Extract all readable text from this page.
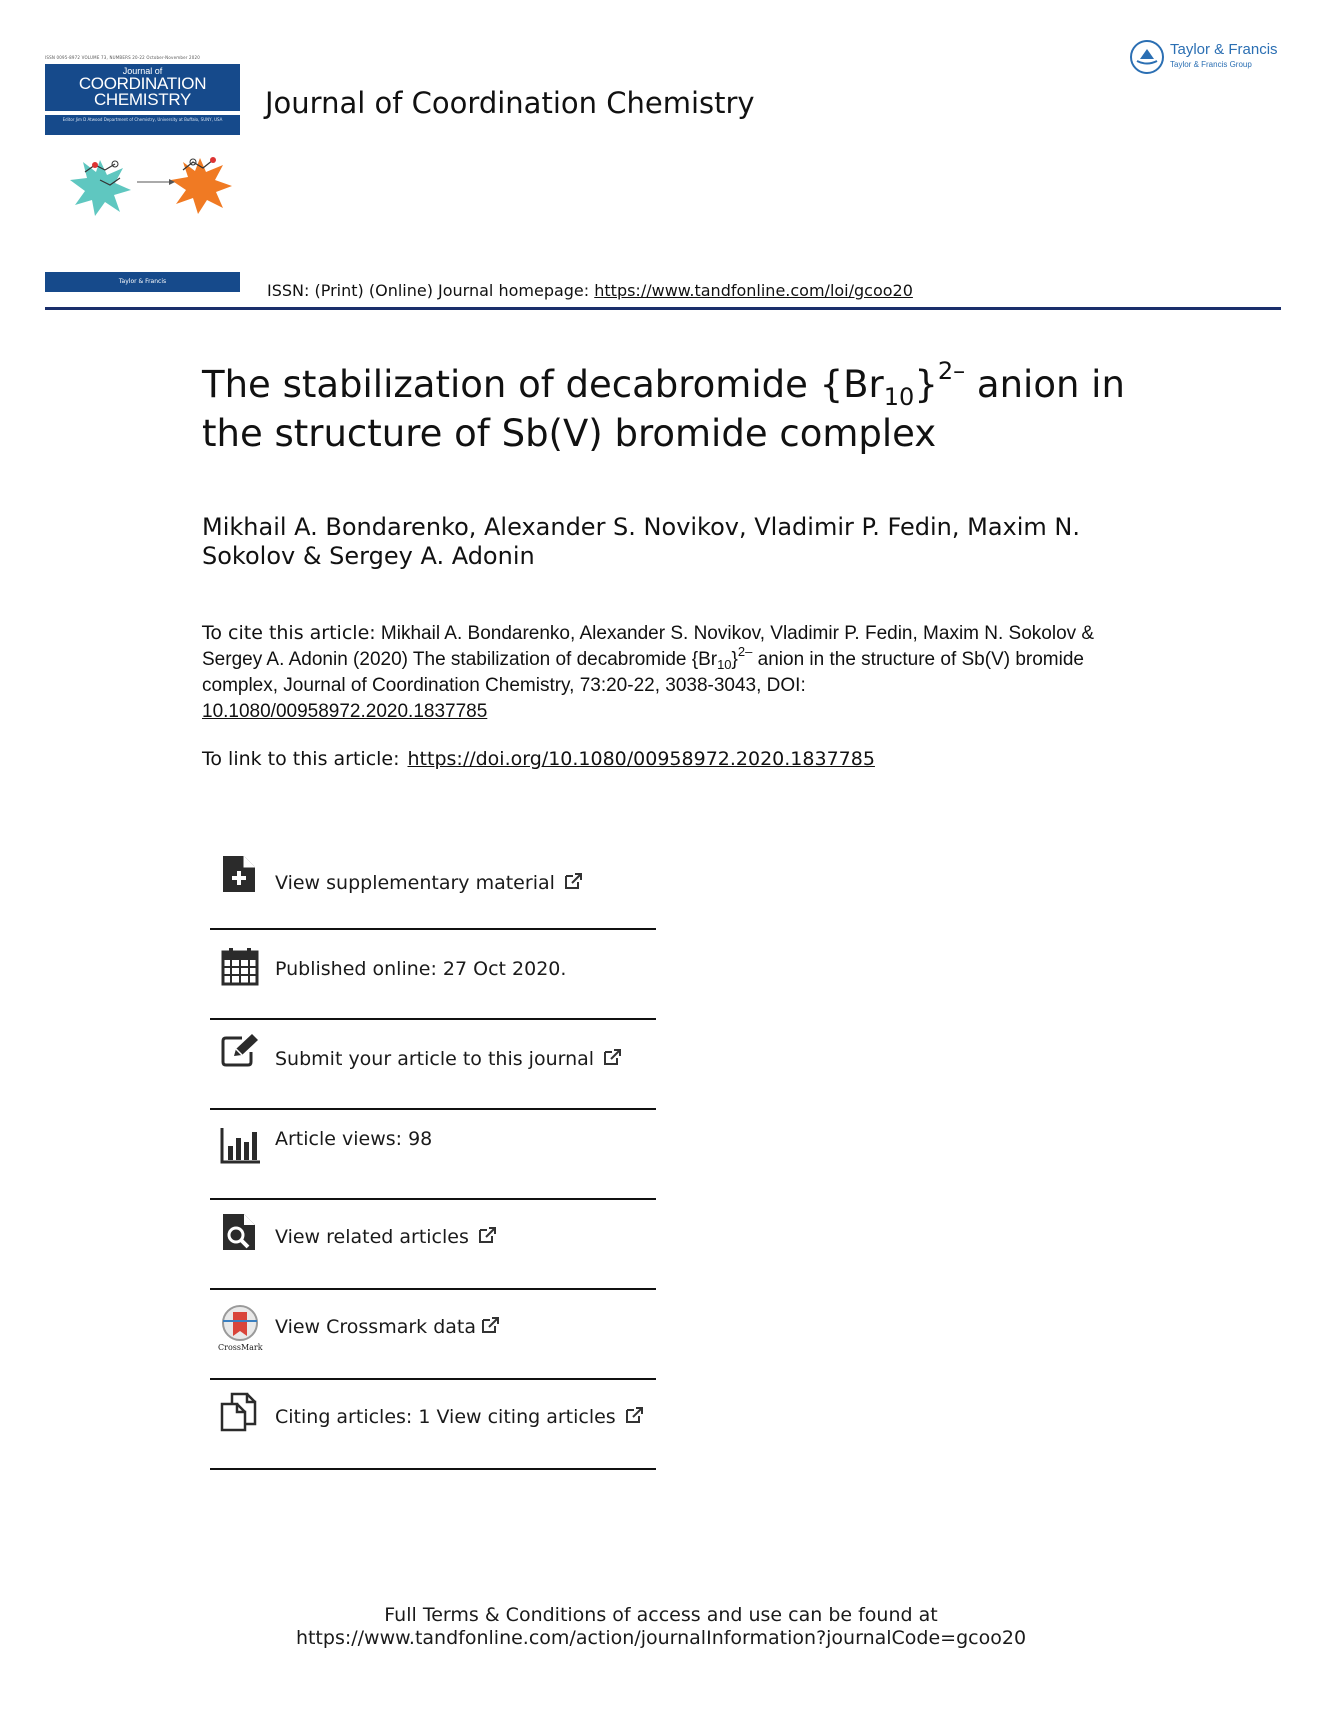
ISSN 0095-8972 VOLUME 73, NUMBERS 20-22 October-November 2020
Journal of
COORDINATION
CHEMISTRY
Editor Jim D Atwood Department of Chemistry, University at Buffalo, SUNY, USA
Taylor & Francis
Journal of Coordination Chemistry
Taylor & Francis
Taylor & Francis Group
ISSN: (Print) (Online) Journal homepage: https://www.tandfonline.com/loi/gcoo20
The stabilization of decabromide $\{Br_{10}\}^{2-}$ anion in the structure of Sb(V) bromide complex
Mikhail A. Bondarenko, Alexander S. Novikov, Vladimir P. Fedin, Maxim N. Sokolov & Sergey A. Adonin
To cite this article: Mikhail A. Bondarenko, Alexander S. Novikov, Vladimir P. Fedin, Maxim N. Sokolov & Sergey A. Adonin (2020) The stabilization of decabromide $\{Br_{10}\}^{2-}$ anion in the structure of Sb(V) bromide complex, Journal of Coordination Chemistry, 73:20-22, 3038-3043, DOI:
10.1080/00958972.2020.1837785
To link to this article: https://doi.org/10.1080/00958972.2020.1837785
View supplementary material
Published online: 27 Oct 2020.
Submit your article to this journal
Article views: 98
View related articles
CrossMark
View Crossmark data
Citing articles: 1 View citing articles
Full Terms & Conditions of access and use can be found at
https://www.tandfonline.com/action/journalInformation?journalCode=gcoo20
